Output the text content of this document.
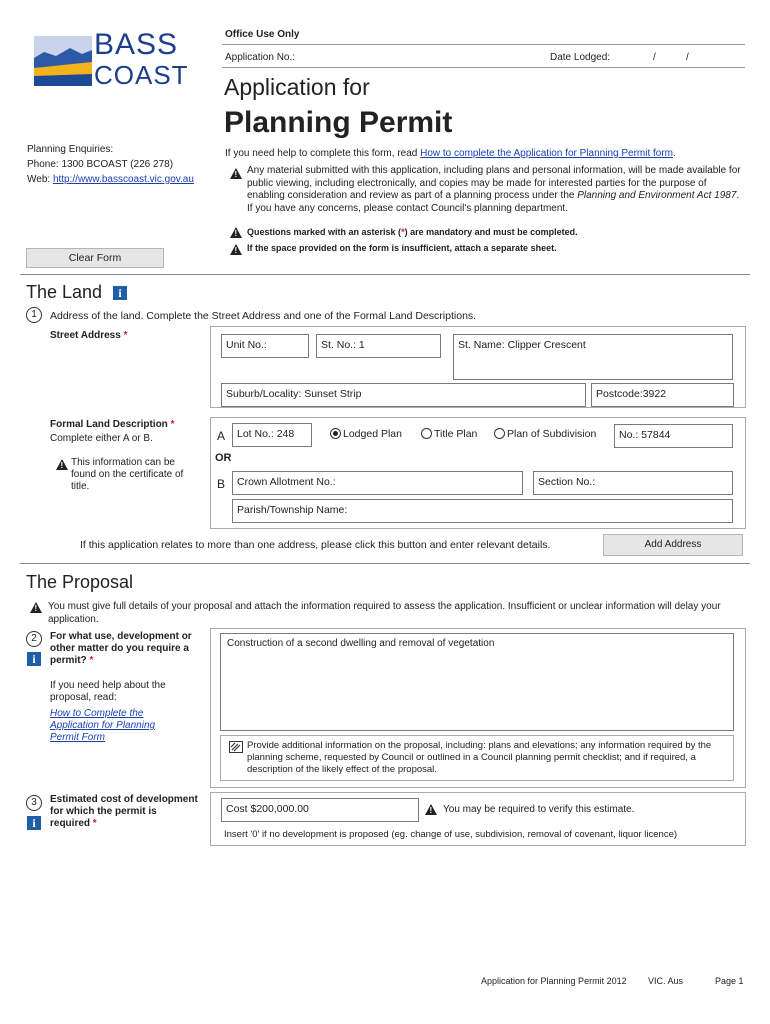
BASS
COAST
Planning Enquiries:
Phone: 1300 BCOAST (226 278)
Web: http://www.basscoast.vic.gov.au
Office Use Only
Application No.:	Date Lodged:	/	/
Application for
Planning Permit
If you need help to complete this form, read How to complete the Application for Planning Permit form.
!
Any material submitted with this application, including plans and personal information, will be made available for public viewing, including electronically, and copies may be made for interested parties for the purpose of enabling consideration and review as part of a planning process under the Planning and Environment Act 1987. If you have any concerns, please contact Council's planning department.
!
Questions marked with an asterisk (*) are mandatory and must be completed.
!
If the space provided on the form is insufficient, attach a separate sheet.
Clear Form
The Land i
1	Address of the land. Complete the Street Address and one of the Formal Land Descriptions.
Street Address *
Unit No.:	St. No.: 1	St. Name: Clipper Crescent
Suburb/Locality: Sunset Strip	Postcode:3922
Formal Land Description *
Complete either A or B.
!
This information can be found on the certificate of title.
A	Lot No.: 248	Lodged Plan	Title Plan	Plan of Subdivision	No.: 57844
OR
B	Crown Allotment No.:	Section No.:
Parish/Township Name:
If this application relates to more than one address, please click this button and enter relevant details.	Add Address
The Proposal
!
You must give full details of your proposal and attach the information required to assess the application. Insufficient or unclear information will delay your application.
2
i
For what use, development or other matter do you require a permit? *
If you need help about the proposal, read:
How to Complete the Application for Planning Permit Form
Construction of a second dwelling and removal of vegetation
Provide additional information on the proposal, including: plans and elevations; any information required by the planning scheme, requested by Council or outlined in a Council planning permit checklist; and if required, a description of the likely effect of the proposal.
3
i
Estimated cost of development for which the permit is required *
Cost $200,000.00
!	You may be required to verify this estimate.
Insert '0' if no development is proposed (eg. change of use, subdivision, removal of covenant, liquor licence)
Application for Planning Permit 2012 VIC. Aus	Page 1
